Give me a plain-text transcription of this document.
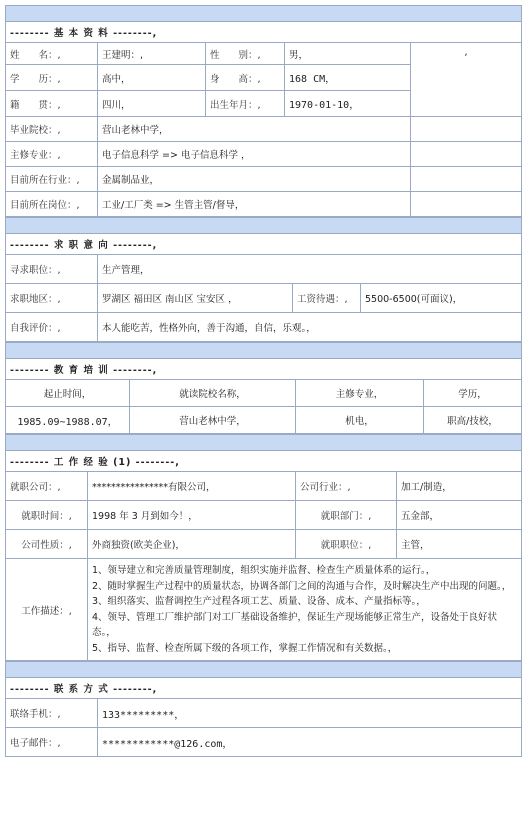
-------- 基 本 资 料 --------,				
姓　　名：,	王建明：,	性　　别：,	男，	,
学　　历：,	高中，	身　　高：,	168 CM，	
籍　　贯：,	四川，	出生年月：,	1970-01-10，	
毕业院校：,	营山老林中学，			
主修专业：,	电子信息科学 => 电子信息科学 ，			
目前所在行业：,	金属制品业，			
目前所在岗位：,	工业/工厂类 => 生管主管/督导，			

-------- 求 职 意 向 --------,			
寻求职位：,	生产管理，		
求职地区：,	罗湖区 福田区 南山区 宝安区 ，	工资待遇：,	5500-6500(可面议)，
自我评价：,	本人能吃苦，性格外向，善于沟通，自信，乐观。，		

-------- 教 育 培 训 --------,			
起止时间，	就读院校名称，	主修专业，	学历，
1985.09~1988.07，	营山老林中学，	机电，	职高/技校，

-------- 工 作 经 验 (1) --------,			
就职公司：,	****************有限公司，	公司行业：,	加工/制造，
就职时间：,	1998 年 3 月到如今！，	就职部门：,	五金部，
公司性质：,	外商独资(欧美企业)，	就职职位：,	主管，
工作描述：,	1、领导建立和完善质量管理制度，组织实施并监督、检查生产质量体系的运行。，

2、随时掌握生产过程中的质量状态，协调各部门之间的沟通与合作，及时解决生产中出现的问题。，

3、组织落实、监督调控生产过程各项工艺、质量、设备、成本、产量指标等。，

4、领导、管理工厂维护部门对工厂基础设备维护，保证生产现场能够正常生产，设备处于良好状态。，

5、指导、监督、检查所属下级的各项工作，掌握工作情况和有关数据。，		

-------- 联 系 方 式 --------,	
联络手机：,	133*********，
电子邮件：,	************@126.com，
